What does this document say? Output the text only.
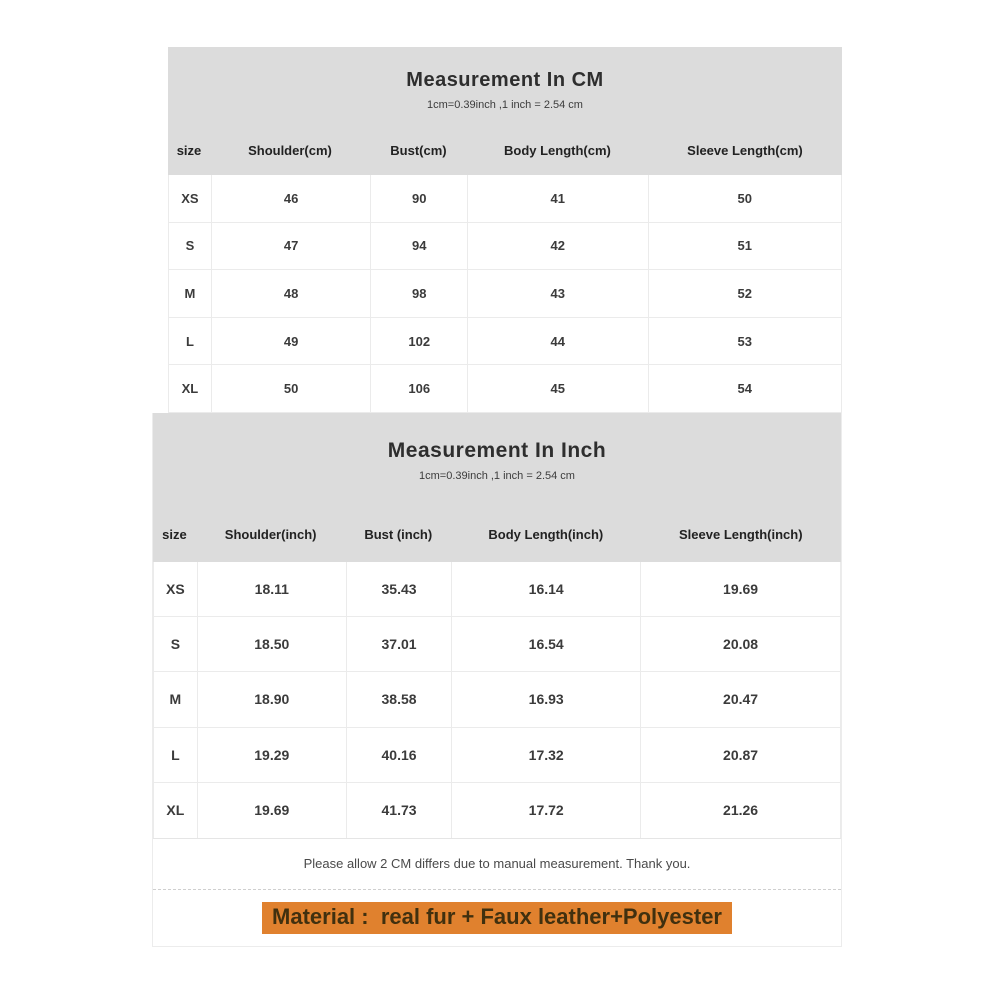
Measurement In CM
1cm=0.39inch ,1 inch = 2.54 cm
size	Shoulder(cm)	Bust(cm)	Body Length(cm)	Sleeve Length(cm)
XS	46	90	41	50
S	47	94	42	51
M	48	98	43	52
L	49	102	44	53
XL	50	106	45	54
Measurement In Inch
1cm=0.39inch ,1 inch = 2.54 cm
size	Shoulder(inch)	Bust (inch)	Body Length(inch)	Sleeve Length(inch)
XS	18.11	35.43	16.14	19.69
S	18.50	37.01	16.54	20.08
M	18.90	38.58	16.93	20.47
L	19.29	40.16	17.32	20.87
XL	19.69	41.73	17.72	21.26
Please allow 2 CM differs due to manual measurement. Thank you.
Material :  real fur + Faux leather+Polyester
